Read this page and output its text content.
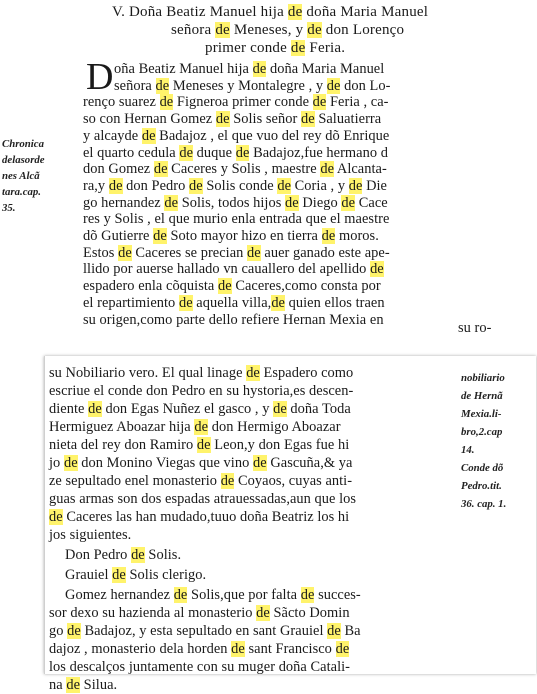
V. Doña Beatiz Manuel hija de doña Maria Manuel
señora de Meneses, y de don Lorenço
primer conde de Feria.
D oña Beatiz Manuel hija de doña Maria Manuel
señora de Meneses y Montalegre , y de don Lo-
renço suarez de Figneroa primer conde de Feria , ca-
so con Hernan Gomez de Solis señor de Saluatierra
y alcayde de Badajoz , el que vuo del rey dõ Enrique
el quarto cedula de duque de Badajoz,fue hermano d
don Gomez de Caceres y Solis , maestre de Alcanta-
ra,y de don Pedro de Solis conde de Coria , y de Die
go hernandez de Solis, todos hijos de Diego de Cace
res y Solis , el que murio enla entrada que el maestre
dõ Gutierre de Soto mayor hizo en tierra de moros.
Estos de Caceres se precian de auer ganado este ape-
llido por auerse hallado vn cauallero del apellido de
espadero enla cõquista de Caceres,como consta por
el repartimiento de aquella villa,de quien ellos traen
su origen,como parte dello refiere Hernan Mexia en
su ro-
Chronica
delasorde
nes Alcã
tara.cap.
35.
su Nobiliario vero. El qual linage de Espadero como
escriue el conde don Pedro en su hystoria,es descen-
diente de don Egas Nuñez el gasco , y de doña Toda
Hermiguez Aboazar hija de don Hermigo Aboazar
nieta del rey don Ramiro de Leon,y don Egas fue hi
jo de don Monino Viegas que vino de Gascuña,& ya
ze sepultado enel monasterio de Coyaos, cuyas anti-
guas armas son dos espadas atrauessadas,aun que los
de Caceres las han mudado,tuuo doña Beatriz los hi
jos siguientes.
Don Pedro de Solis.
Grauiel de Solis clerigo.
Gomez hernandez de Solis,que por falta de succes-
sor dexo su hazienda al monasterio de Sãcto Domin
go de Badajoz, y esta sepultado en sant Grauiel de Ba
dajoz , monasterio dela horden de sant Francisco de
los descalços juntamente con su muger doña Catali-
na de Silua.
nobiliario
de Hernã
Mexia.li-
bro,2.cap
14.
Conde dõ
Pedro.tit.
36. cap. 1.
